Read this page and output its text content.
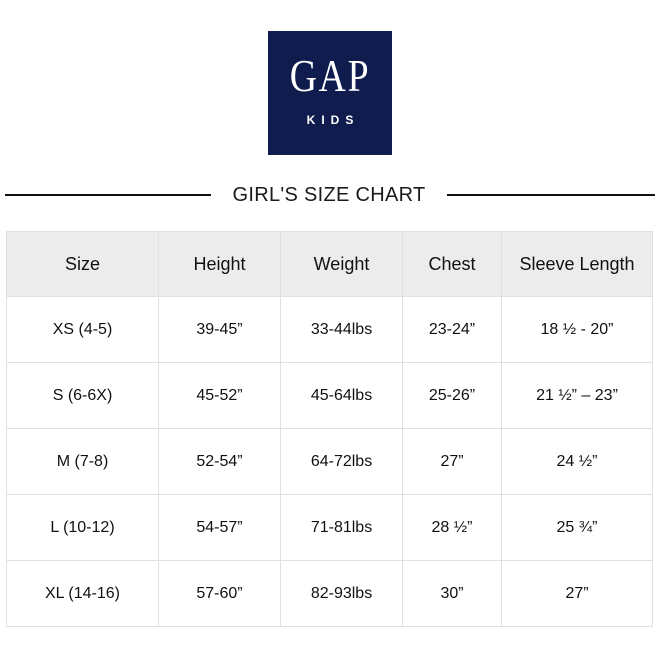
GAP
KIDS
GIRL'S SIZE CHART
Size	Height	Weight	Chest	Sleeve Length
XS (4-5)	39-45”	33-44lbs	23-24”	18 ½ - 20”
S (6-6X)	45-52”	45-64lbs	25-26”	21 ½” – 23”
M (7-8)	52-54”	64-72lbs	27”	24 ½”
L (10-12)	54-57”	71-81lbs	28 ½”	25 ¾”
XL (14-16)	57-60”	82-93lbs	30”	27”
